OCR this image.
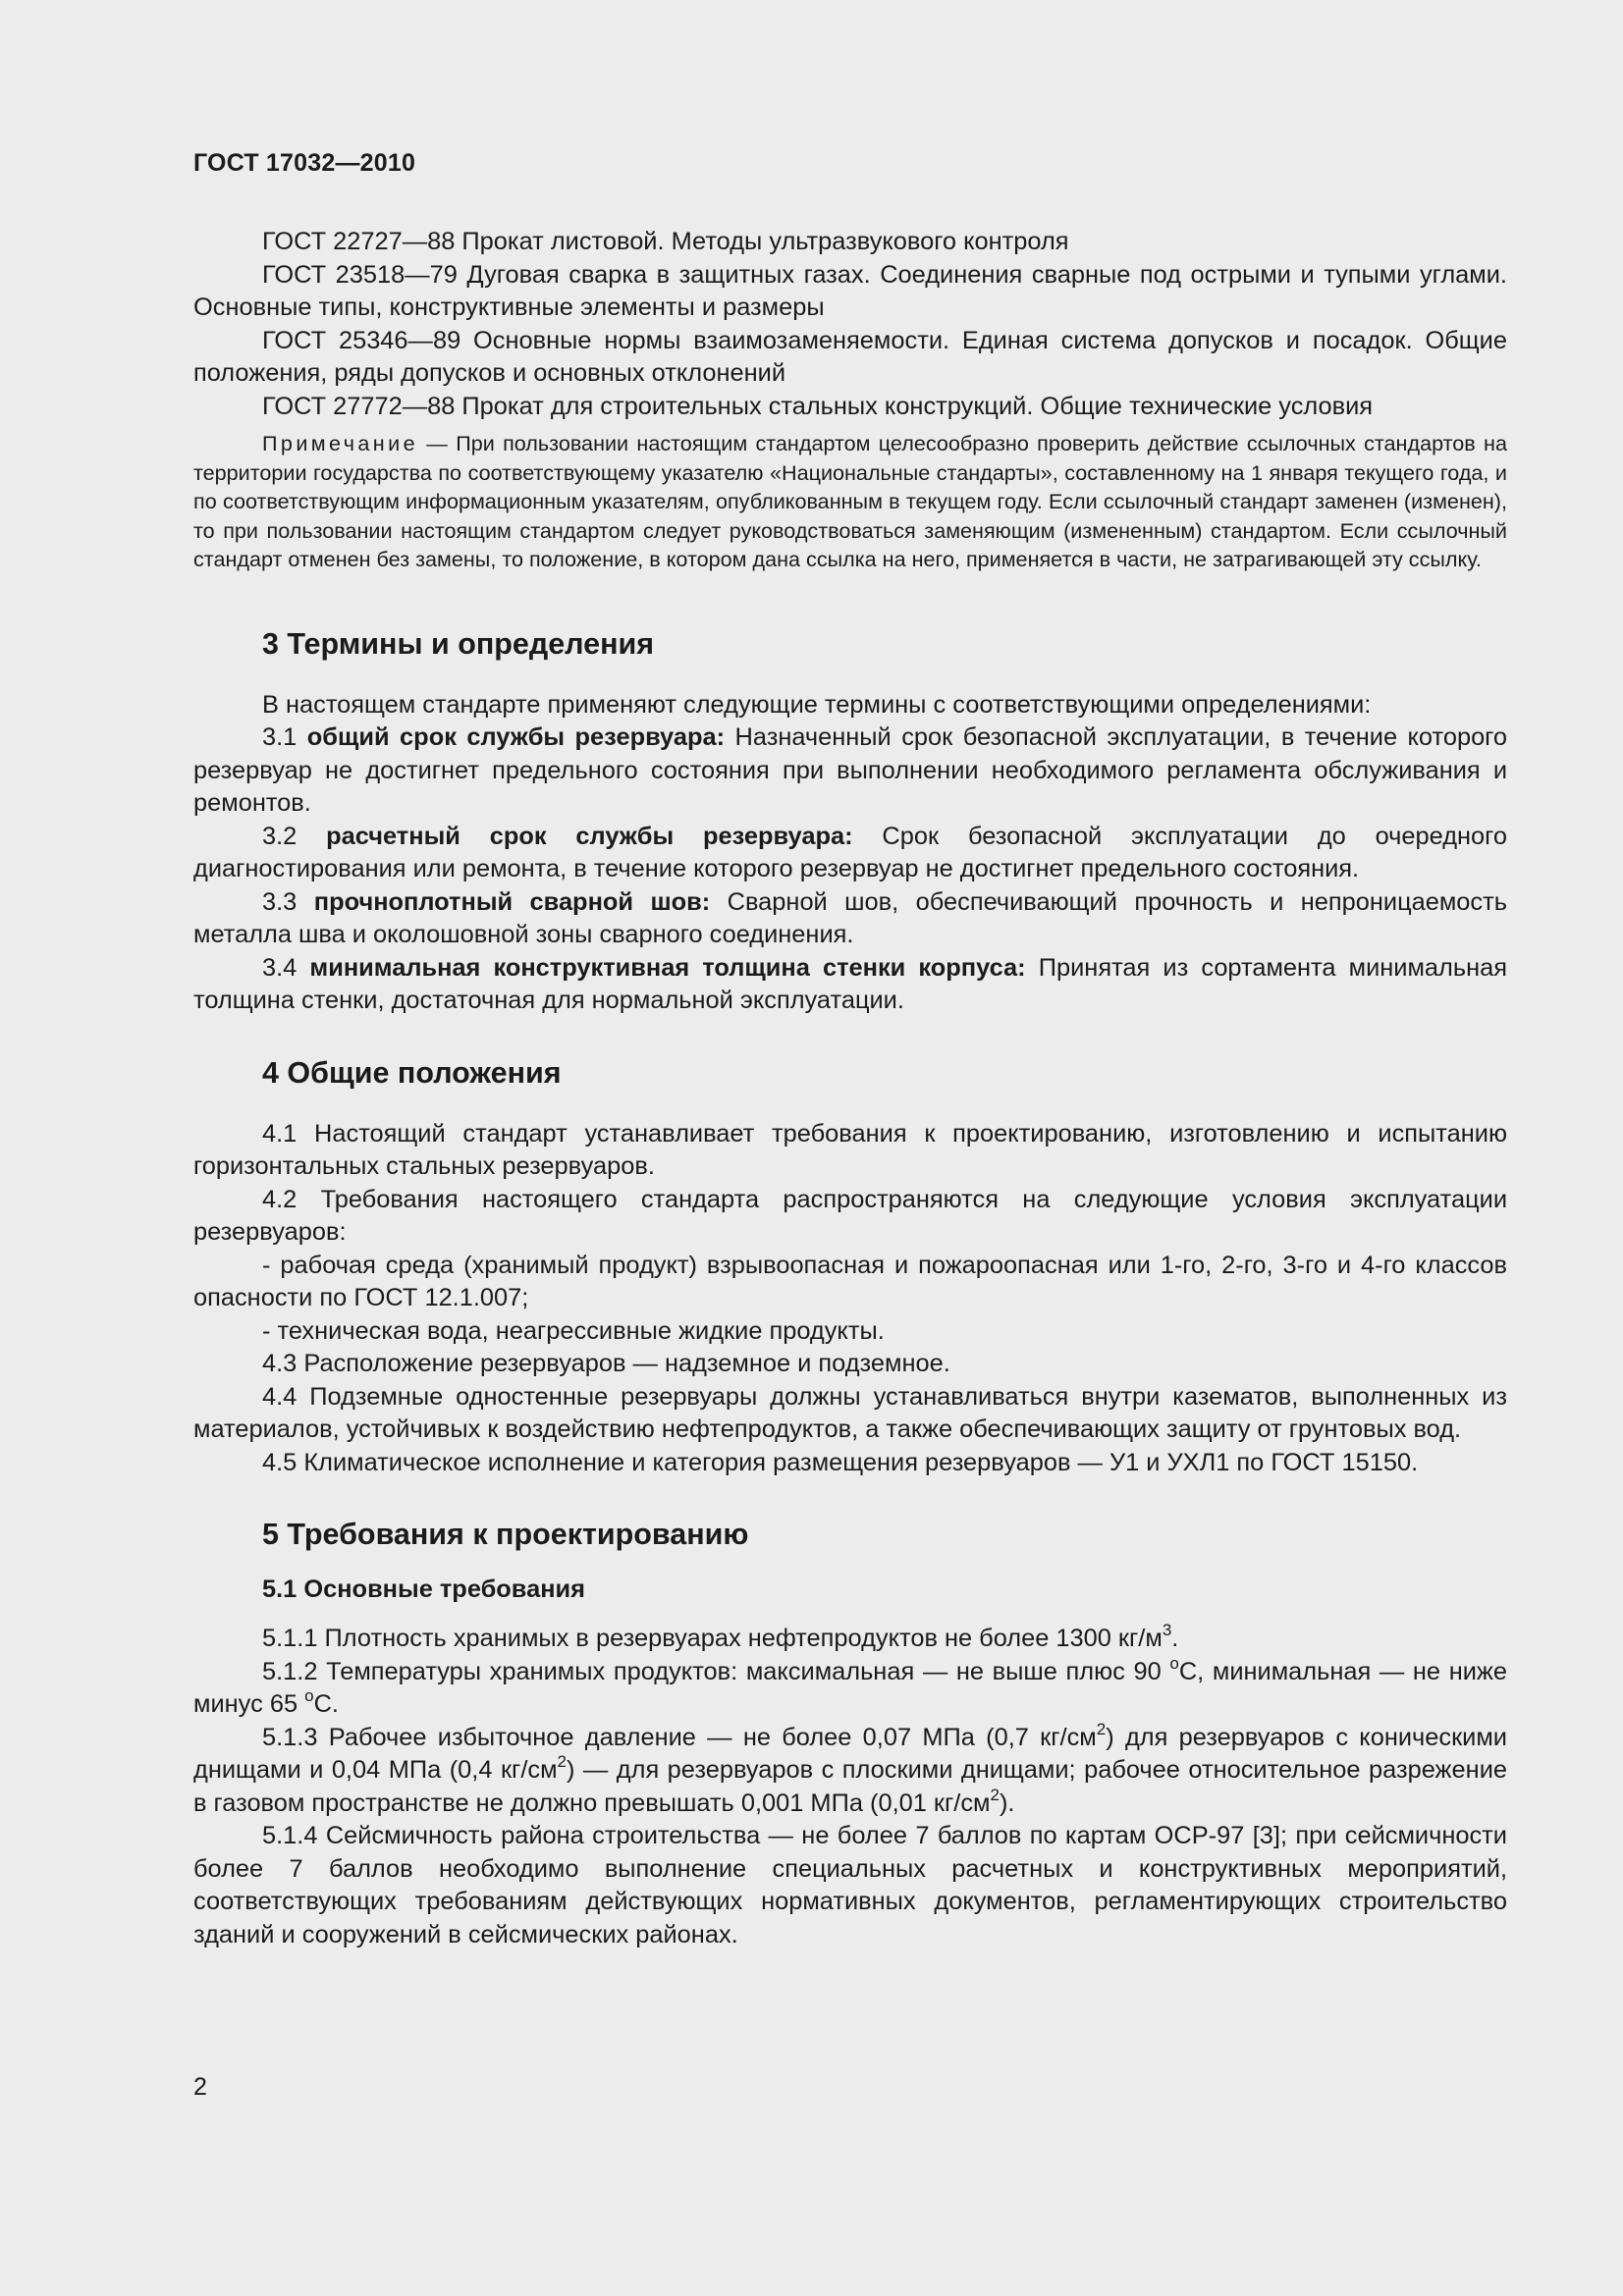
ГОСТ 17032—2010

ГОСТ 22727—88 Прокат листовой. Методы ультразвукового контроля

ГОСТ 23518—79 Дуговая сварка в защитных газах. Соединения сварные под острыми и тупыми углами. Основные типы, конструктивные элементы и размеры

ГОСТ 25346—89 Основные нормы взаимозаменяемости. Единая система допусков и посадок. Общие положения, ряды допусков и основных отклонений

ГОСТ 27772—88 Прокат для строительных стальных конструкций. Общие технические условия

Примечание — При пользовании настоящим стандартом целесообразно проверить действие ссылочных стандартов на территории государства по соответствующему указателю «Национальные стандарты», составленному на 1 января текущего года, и по соответствующим информационным указателям, опубликованным в текущем году. Если ссылочный стандарт заменен (изменен), то при пользовании настоящим стандартом следует руководствоваться заменяющим (измененным) стандартом. Если ссылочный стандарт отменен без замены, то положение, в котором дана ссылка на него, применяется в части, не затрагивающей эту ссылку.

3 Термины и определения

В настоящем стандарте применяют следующие термины с соответствующими определениями:

3.1 общий срок службы резервуара: Назначенный срок безопасной эксплуатации, в течение которого резервуар не достигнет предельного состояния при выполнении необходимого регламента обслуживания и ремонтов.

3.2 расчетный срок службы резервуара: Срок безопасной эксплуатации до очередного диагностирования или ремонта, в течение которого резервуар не достигнет предельного состояния.

3.3 прочноплотный сварной шов: Сварной шов, обеспечивающий прочность и непроницаемость металла шва и околошовной зоны сварного соединения.

3.4 минимальная конструктивная толщина стенки корпуса: Принятая из сортамента минимальная толщина стенки, достаточная для нормальной эксплуатации.

4 Общие положения

4.1 Настоящий стандарт устанавливает требования к проектированию, изготовлению и испытанию горизонтальных стальных резервуаров.

4.2 Требования настоящего стандарта распространяются на следующие условия эксплуатации резервуаров:

- рабочая среда (хранимый продукт) взрывоопасная и пожароопасная или 1-го, 2-го, 3-го и 4-го классов опасности по ГОСТ 12.1.007;

- техническая вода, неагрессивные жидкие продукты.

4.3 Расположение резервуаров — надземное и подземное.

4.4 Подземные одностенные резервуары должны устанавливаться внутри казематов, выполненных из материалов, устойчивых к воздействию нефтепродуктов, а также обеспечивающих защиту от грунтовых вод.

4.5 Климатическое исполнение и категория размещения резервуаров — У1 и УХЛ1 по ГОСТ 15150.

5 Требования к проектированию
5.1 Основные требования

5.1.1 Плотность хранимых в резервуарах нефтепродуктов не более 1300 $кг/м^3$.

5.1.2 Температуры хранимых продуктов: максимальная — не выше плюс 90 $^о$С, минимальная — не ниже минус 65 $^о$С.

5.1.3 Рабочее избыточное давление — не более 0,07 МПа (0,7 $кг/см^2$) для резервуаров с коническими днищами и 0,04 МПа (0,4 $кг/см^2$) — для резервуаров с плоскими днищами; рабочее относительное разрежение в газовом пространстве не должно превышать 0,001 МПа (0,01 $кг/см^2$).

5.1.4 Сейсмичность района строительства — не более 7 баллов по картам ОСР-97 [3]; при сейсмичности более 7 баллов необходимо выполнение специальных расчетных и конструктивных мероприятий, соответствующих требованиям действующих нормативных документов, регламентирующих строительство зданий и сооружений в сейсмических районах.

2
